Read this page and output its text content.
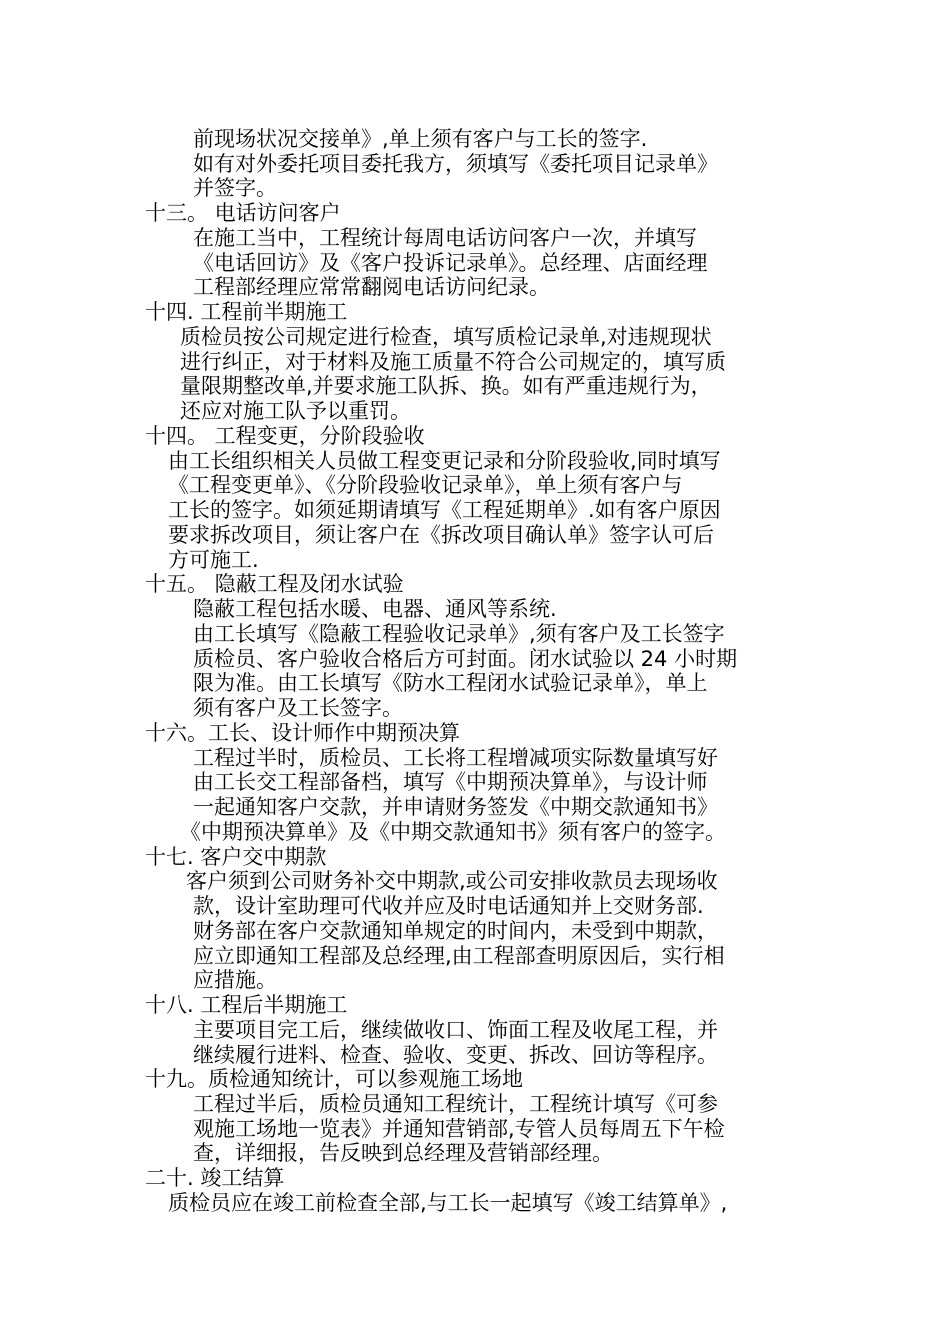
前现场状况交接单》,单上须有客户与工长的签字.
如有对外委托项目委托我方，须填写《委托项目记录单》
并签字。
十三。 电话访问客户
在施工当中，工程统计每周电话访问客户一次，并填写
《电话回访》及《客户投诉记录单》。总经理、店面经理
工程部经理应常常翻阅电话访问纪录。
十四. 工程前半期施工
质检员按公司规定进行检查，填写质检记录单,对违规现状
进行纠正，对于材料及施工质量不符合公司规定的，填写质
量限期整改单,并要求施工队拆、换。如有严重违规行为，
还应对施工队予以重罚。
十四。 工程变更，分阶段验收
由工长组织相关人员做工程变更记录和分阶段验收,同时填写
《工程变更单》、《分阶段验收记录单》，单上须有客户与
工长的签字。如须延期请填写《工程延期单》.如有客户原因
要求拆改项目，须让客户在《拆改项目确认单》签字认可后
方可施工.
十五。 隐蔽工程及闭水试验
隐蔽工程包括水暖、电器、通风等系统.
由工长填写《隐蔽工程验收记录单》,须有客户及工长签字
质检员、客户验收合格后方可封面。闭水试验以 24 小时期
限为准。由工长填写《防水工程闭水试验记录单》，单上
须有客户及工长签字。
十六。工长、设计师作中期预决算
工程过半时，质检员、工长将工程增减项实际数量填写好
由工长交工程部备档，填写《中期预决算单》，与设计师
一起通知客户交款，并申请财务签发《中期交款通知书》
《中期预决算单》及《中期交款通知书》须有客户的签字。
十七. 客户交中期款
客户须到公司财务补交中期款,或公司安排收款员去现场收
款，设计室助理可代收并应及时电话通知并上交财务部.
财务部在客户交款通知单规定的时间内，未受到中期款，
应立即通知工程部及总经理,由工程部查明原因后，实行相
应措施。
十八. 工程后半期施工
主要项目完工后，继续做收口、饰面工程及收尾工程，并
继续履行进料、检查、验收、变更、拆改、回访等程序。
十九。质检通知统计，可以参观施工场地
工程过半后，质检员通知工程统计，工程统计填写《可参
观施工场地一览表》并通知营销部,专管人员每周五下午检
查，详细报，告反映到总经理及营销部经理。
二十. 竣工结算
质检员应在竣工前检查全部,与工长一起填写《竣工结算单》,
